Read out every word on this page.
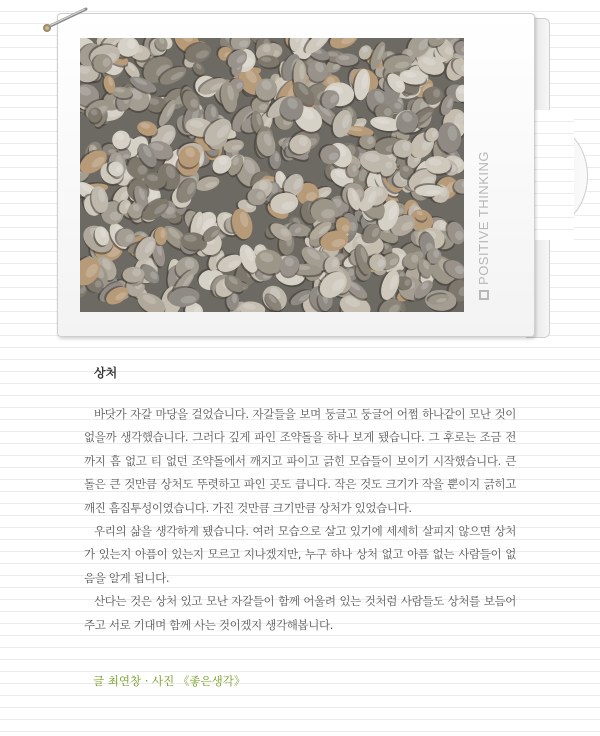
POSITIVE THINKING
상처

바닷가 자갈 마당을 걸었습니다. 자갈들을 보며 둥글고 둥글어 어쩜 하나같이 모난 것이 없을까 생각했습니다. 그러다 깊게 파인 조약돌을 하나 보게 됐습니다. 그 후로는 조금 전까지 흠 없고 티 없던 조약돌에서 깨지고 파이고 긁힌 모습들이 보이기 시작했습니다. 큰 돌은 큰 것만큼 상처도 뚜렷하고 파인 곳도 큽니다. 작은 것도 크기가 작을 뿐이지 긁히고 깨진 흠집투성이였습니다. 가진 것만큼 크기만큼 상처가 있었습니다.

우리의 삶을 생각하게 됐습니다. 여러 모습으로 살고 있기에 세세히 살피지 않으면 상처가 있는지 아픔이 있는지 모르고 지나겠지만, 누구 하나 상처 없고 아픔 없는 사람들이 없음을 알게 됩니다.

산다는 것은 상처 있고 모난 자갈들이 함께 어울려 있는 것처럼 사람들도 상처를 보듬어 주고 서로 기대며 함께 사는 것이겠지 생각해봅니다.

글 최연창 · 사진 《좋은생각》
